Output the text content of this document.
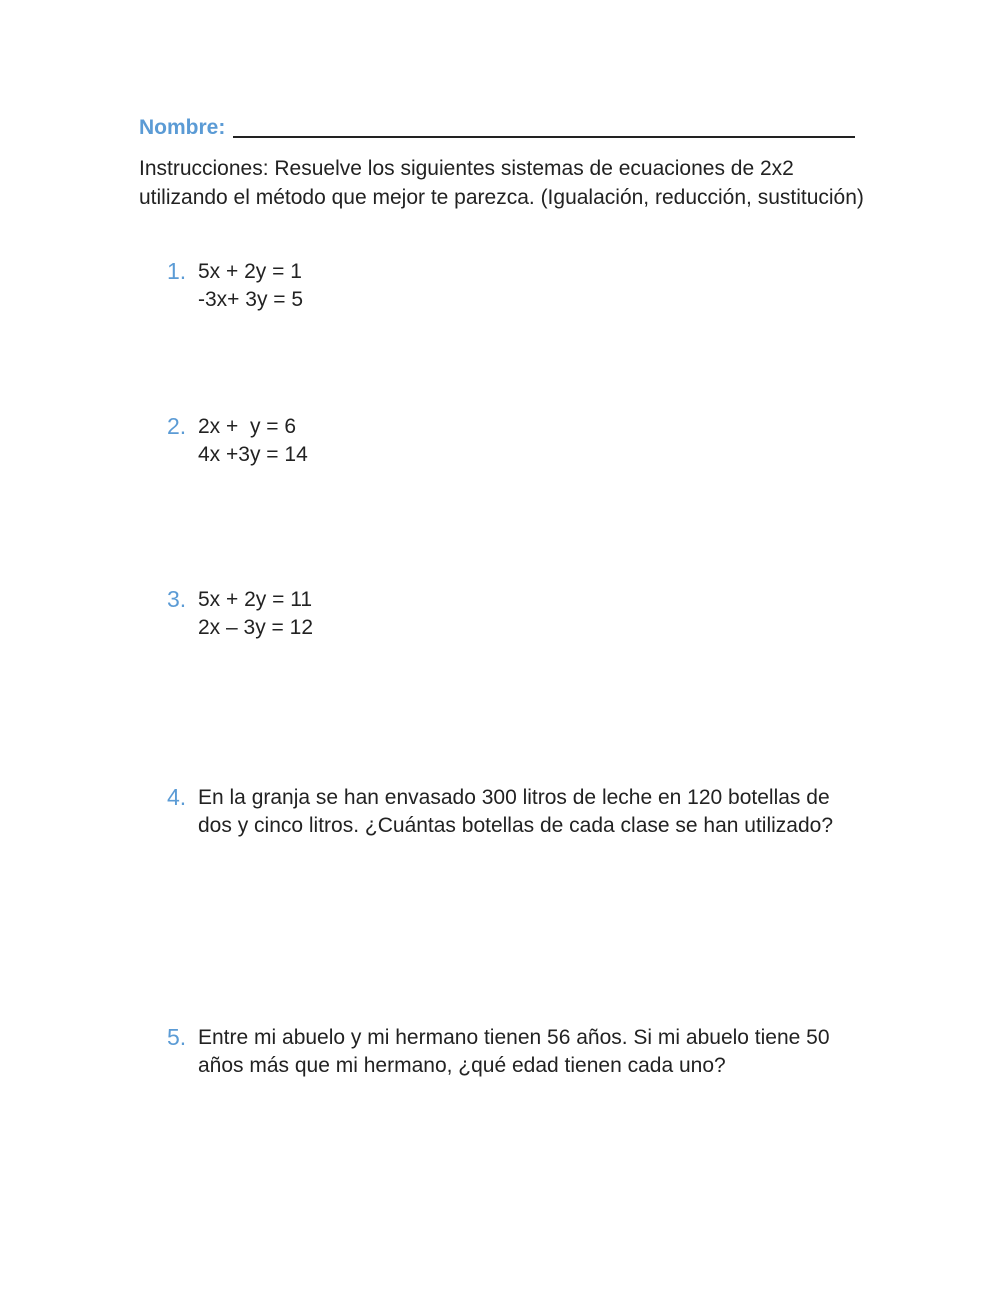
Nombre:
Instrucciones: Resuelve los siguientes sistemas de ecuaciones de 2x2 utilizando el método que mejor te parezca. (Igualación, reducción, sustitución)
1. 5x + 2y = 1
-3x+ 3y = 5
2. 2x +  y = 6
4x +3y = 14
3. 5x + 2y = 11
2x – 3y = 12
4. En la granja se han envasado 300 litros de leche en 120 botellas de dos y cinco litros. ¿Cuántas botellas de cada clase se han utilizado?
5. Entre mi abuelo y mi hermano tienen 56 años. Si mi abuelo tiene 50 años más que mi hermano, ¿qué edad tienen cada uno?
